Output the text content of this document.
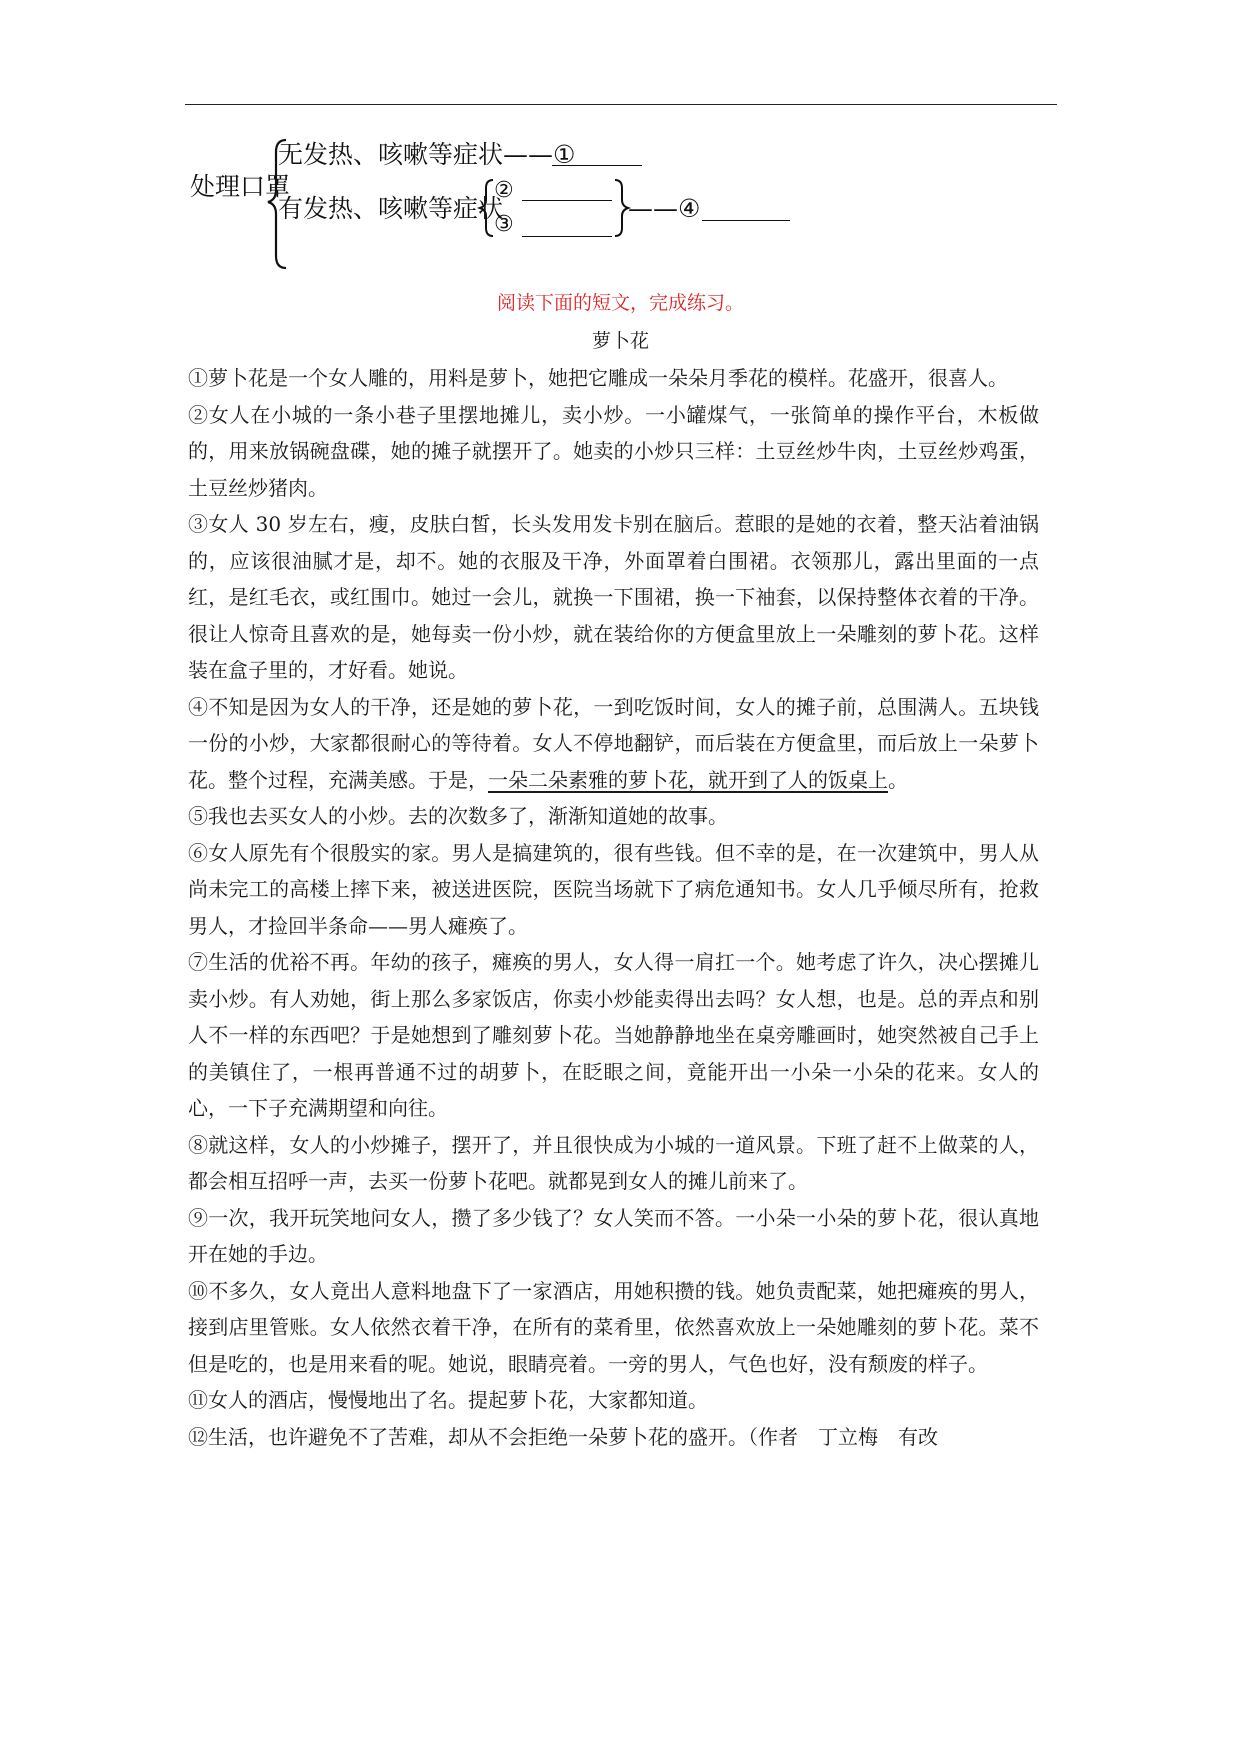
处理口罩
无发热、咳嗽等症状——①
有发热、咳嗽等症状
②
③
——④
阅读下面的短文，完成练习。
萝卜花

①萝卜花是一个女人雕的，用料是萝卜，她把它雕成一朵朵月季花的模样。花盛开，很喜人。

②女人在小城的一条小巷子里摆地摊儿，卖小炒。一小罐煤气，一张简单的操作平台，木板做的，用来放锅碗盘碟，她的摊子就摆开了。她卖的小炒只三样：土豆丝炒牛肉，土豆丝炒鸡蛋，土豆丝炒猪肉。

③女人 30 岁左右，瘦，皮肤白皙，长头发用发卡别在脑后。惹眼的是她的衣着，整天沾着油锅的，应该很油腻才是，却不。她的衣服及干净，外面罩着白围裙。衣领那儿，露出里面的一点红，是红毛衣，或红围巾。她过一会儿，就换一下围裙，换一下袖套，以保持整体衣着的干净。很让人惊奇且喜欢的是，她每卖一份小炒，就在装给你的方便盒里放上一朵雕刻的萝卜花。这样装在盒子里的，才好看。她说。

④不知是因为女人的干净，还是她的萝卜花，一到吃饭时间，女人的摊子前，总围满人。五块钱一份的小炒，大家都很耐心的等待着。女人不停地翻铲，而后装在方便盒里，而后放上一朵萝卜花。整个过程，充满美感。于是，一朵二朵素雅的萝卜花，就开到了人的饭桌上。

⑤我也去买女人的小炒。去的次数多了，渐渐知道她的故事。

⑥女人原先有个很殷实的家。男人是搞建筑的，很有些钱。但不幸的是，在一次建筑中，男人从尚未完工的高楼上摔下来，被送进医院，医院当场就下了病危通知书。女人几乎倾尽所有，抢救男人，才捡回半条命——男人瘫痪了。

⑦生活的优裕不再。年幼的孩子，瘫痪的男人，女人得一肩扛一个。她考虑了许久，决心摆摊儿卖小炒。有人劝她，街上那么多家饭店，你卖小炒能卖得出去吗？女人想，也是。总的弄点和别人不一样的东西吧？于是她想到了雕刻萝卜花。当她静静地坐在桌旁雕画时，她突然被自己手上的美镇住了，一根再普通不过的胡萝卜，在眨眼之间，竟能开出一小朵一小朵的花来。女人的心，一下子充满期望和向往。

⑧就这样，女人的小炒摊子，摆开了，并且很快成为小城的一道风景。下班了赶不上做菜的人，都会相互招呼一声，去买一份萝卜花吧。就都晃到女人的摊儿前来了。

⑨一次，我开玩笑地问女人，攒了多少钱了？女人笑而不答。一小朵一小朵的萝卜花，很认真地开在她的手边。

⑩不多久，女人竟出人意料地盘下了一家酒店，用她积攒的钱。她负责配菜，她把瘫痪的男人，接到店里管账。女人依然衣着干净，在所有的菜肴里，依然喜欢放上一朵她雕刻的萝卜花。菜不但是吃的，也是用来看的呢。她说，眼睛亮着。一旁的男人，气色也好，没有颓废的样子。

⑪女人的酒店，慢慢地出了名。提起萝卜花，大家都知道。

⑫生活，也许避免不了苦难，却从不会拒绝一朵萝卜花的盛开。（作者　丁立梅　有改
